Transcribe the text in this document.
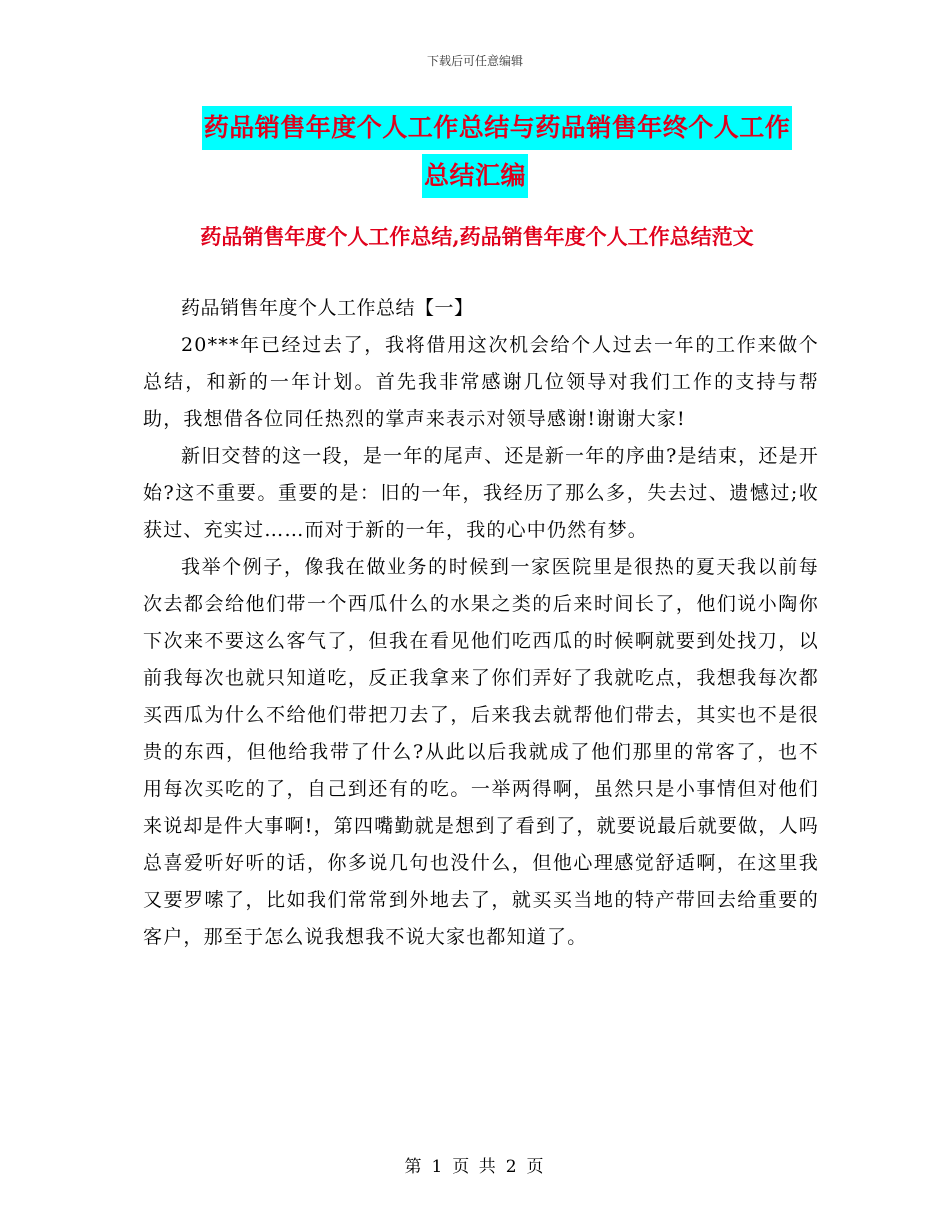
下载后可任意编辑
药品销售年度个人工作总结与药品销售年终个人工作
总结汇编
药品销售年度个人工作总结,药品销售年度个人工作总结范文

药品销售年度个人工作总结【一】

20***年已经过去了，我将借用这次机会给个人过去一年的工作来做个总结，和新的一年计划。首先我非常感谢几位领导对我们工作的支持与帮助，我想借各位同任热烈的掌声来表示对领导感谢!谢谢大家!

新旧交替的这一段，是一年的尾声、还是新一年的序曲?是结束，还是开始?这不重要。重要的是：旧的一年，我经历了那么多，失去过、遗憾过;收获过、充实过……而对于新的一年，我的心中仍然有梦。

我举个例子，像我在做业务的时候到一家医院里是很热的夏天我以前每次去都会给他们带一个西瓜什么的水果之类的后来时间长了，他们说小陶你下次来不要这么客气了，但我在看见他们吃西瓜的时候啊就要到处找刀，以前我每次也就只知道吃，反正我拿来了你们弄好了我就吃点，我想我每次都买西瓜为什么不给他们带把刀去了，后来我去就帮他们带去，其实也不是很贵的东西，但他给我带了什么?从此以后我就成了他们那里的常客了，也不用每次买吃的了，自己到还有的吃。一举两得啊，虽然只是小事情但对他们来说却是件大事啊!，第四嘴勤就是想到了看到了，就要说最后就要做，人吗总喜爱听好听的话，你多说几句也没什么，但他心理感觉舒适啊，在这里我又要罗嗦了，比如我们常常到外地去了，就买买当地的特产带回去给重要的客户，那至于怎么说我想我不说大家也都知道了。

第 1 页 共 2 页
